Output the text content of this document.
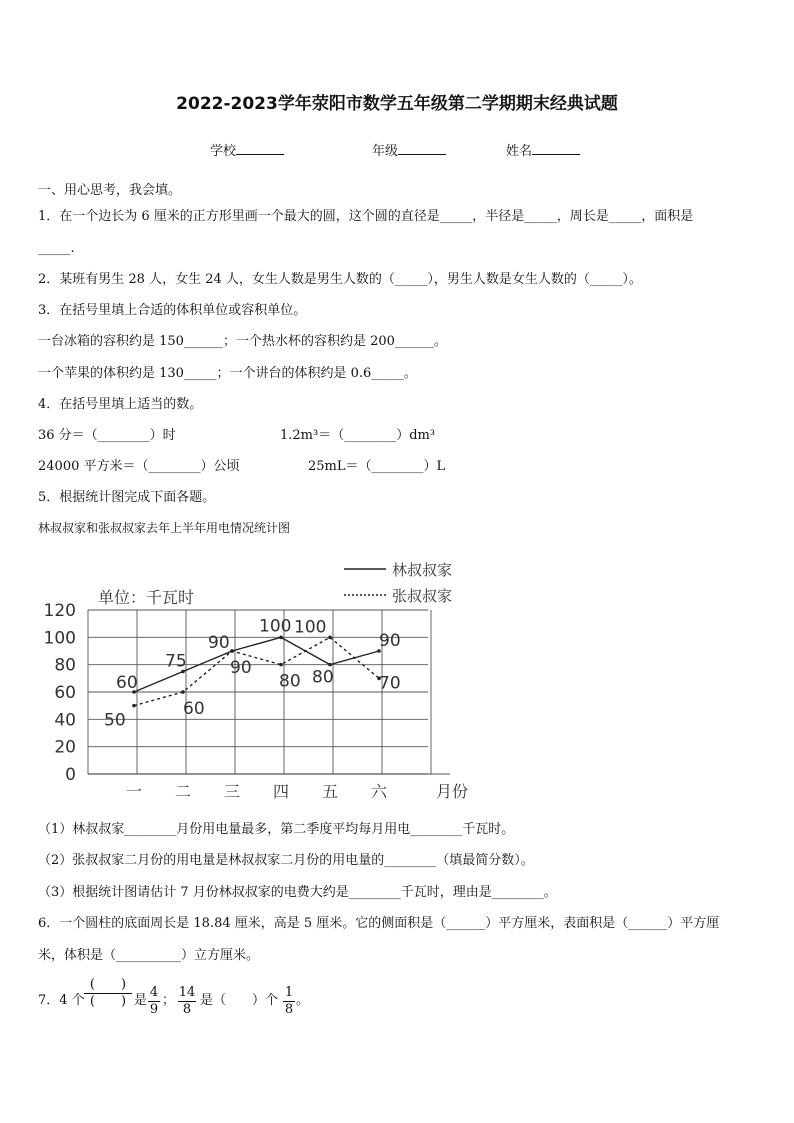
2022-2023学年荥阳市数学五年级第二学期期末经典试题
学校	年级	姓名
一、用心思考，我会填。
1．在一个边长为 6 厘米的正方形里画一个最大的圆，这个圆的直径是_____，半径是_____，周长是_____，面积是
_____.
2．某班有男生 28 人，女生 24 人，女生人数是男生人数的（_____），男生人数是女生人数的（_____）。
3．在括号里填上合适的体积单位或容积单位。
一台冰箱的容积约是 150______；一个热水杯的容积约是 200______。
一个苹果的体积约是 130_____；一个讲台的体积约是 0.6_____。
4．在括号里填上适当的数。
36 分＝（________）时	1.2m³＝（________）dm³
24000 平方米＝（________）公顷	25mL＝（________）L
5．根据统计图完成下面各题。
林叔叔家和张叔叔家去年上半年用电情况统计图
0
20
40
60
80
100
120
单位：千瓦时
一 二 三 四 五 六	月份
林叔叔家
张叔叔家
60
75
90
100
80
90
50
60
90
80
100
70
（1）林叔叔家________月份用电量最多，第二季度平均每月用电________千瓦时。
（2）张叔叔家二月份的用电量是林叔叔家二月份的用电量的________（填最简分数）。
（3）根据统计图请估计 7 月份林叔叔家的电费大约是________千瓦时，理由是________。
6．一个圆柱的底面周长是 18.84 厘米，高是 5 厘米。它的侧面积是（______）平方厘米，表面积是（______）平方厘
米，体积是（__________）立方厘米。
7．4 个
(　　)
(　　) 是
4
9
；
14
8
是（　　）个
1
8
。
